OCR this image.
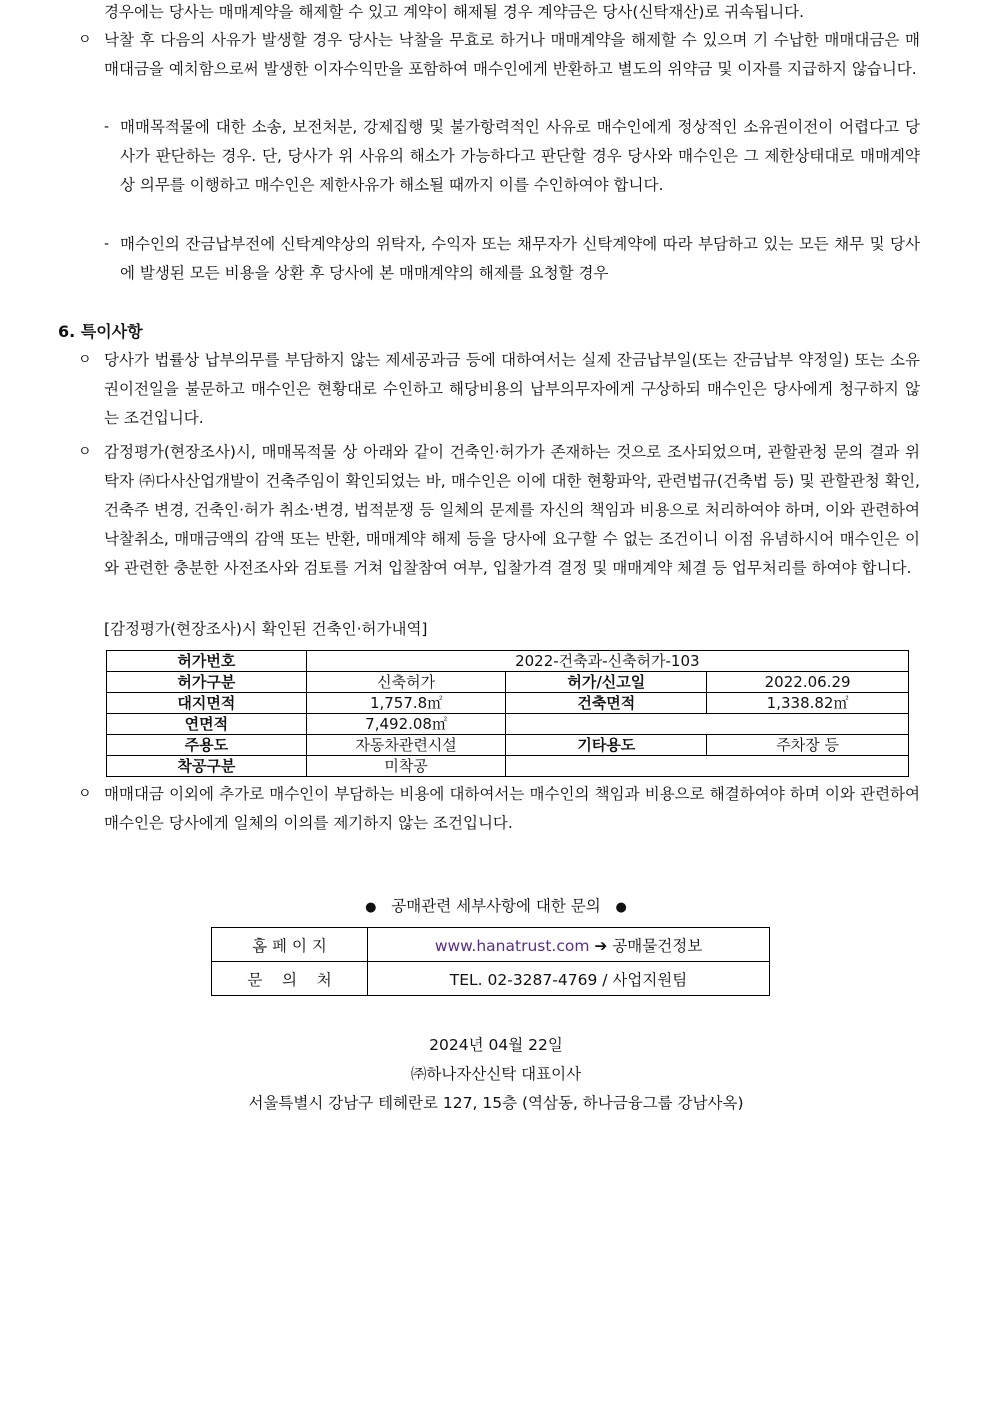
경우에는 당사는 매매계약을 해제할 수 있고 계약이 해제될 경우 계약금은 당사(신탁재산)로 귀속됩니다.

ㅇ 낙찰 후 다음의 사유가 발생할 경우 당사는 낙찰을 무효로 하거나 매매계약을 해제할 수 있으며 기 수납한 매매대금은 매매대금을 예치함으로써 발생한 이자수익만을 포함하여 매수인에게 반환하고 별도의 위약금 및 이자를 지급하지 않습니다.

- 매매목적물에 대한 소송, 보전처분, 강제집행 및 불가항력적인 사유로 매수인에게 정상적인 소유권이전이 어렵다고 당사가 판단하는 경우. 단, 당사가 위 사유의 해소가 가능하다고 판단할 경우 당사와 매수인은 그 제한상태대로 매매계약상 의무를 이행하고 매수인은 제한사유가 해소될 때까지 이를 수인하여야 합니다.

- 매수인의 잔금납부전에 신탁계약상의 위탁자, 수익자 또는 채무자가 신탁계약에 따라 부담하고 있는 모든 채무 및 당사에 발생된 모든 비용을 상환 후 당사에 본 매매계약의 해제를 요청할 경우

6. 특이사항
ㅇ 당사가 법률상 납부의무를 부담하지 않는 제세공과금 등에 대하여서는 실제 잔금납부일(또는 잔금납부 약정일) 또는 소유권이전일을 불문하고 매수인은 현황대로 수인하고 해당비용의 납부의무자에게 구상하되 매수인은 당사에게 청구하지 않는 조건입니다.

ㅇ 감정평가(현장조사)시, 매매목적물 상 아래와 같이 건축인·허가가 존재하는 것으로 조사되었으며, 관할관청 문의 결과 위탁자 ㈜다사산업개발이 건축주임이 확인되었는 바, 매수인은 이에 대한 현황파악, 관련법규(건축법 등) 및 관할관청 확인, 건축주 변경, 건축인·허가 취소·변경, 법적분쟁 등 일체의 문제를 자신의 책임과 비용으로 처리하여야 하며, 이와 관련하여 낙찰취소, 매매금액의 감액 또는 반환, 매매계약 해제 등을 당사에 요구할 수 없는 조건이니 이점 유념하시어 매수인은 이와 관련한 충분한 사전조사와 검토를 거쳐 입찰참여 여부, 입찰가격 결정 및 매매계약 체결 등 업무처리를 하여야 합니다.

[감정평가(현장조사)시 확인된 건축인·허가내역]

허가번호	2022-건축과-신축허가-103		
허가구분	신축허가	허가/신고일	2022.06.29
대지면적	1,757.8㎡	건축면적	1,338.82㎡
연면적	7,492.08㎡		
주용도	자동차관련시설	기타용도	주차장 등
착공구분	미착공		
ㅇ 매매대금 이외에 추가로 매수인이 부담하는 비용에 대하여서는 매수인의 책임과 비용으로 해결하여야 하며 이와 관련하여 매수인은 당사에게 일체의 이의를 제기하지 않는 조건입니다.

● 공매관련 세부사항에 대한 문의 ●
홈 페 이 지	www.hanatrust.com ➔ 공매물건정보
문    의    처	TEL. 02-3287-4769 / 사업지원팀
2024년 04월 22일
㈜하나자산신탁 대표이사
서울특별시 강남구 테헤란로 127, 15층 (역삼동, 하나금융그룹 강남사옥)
